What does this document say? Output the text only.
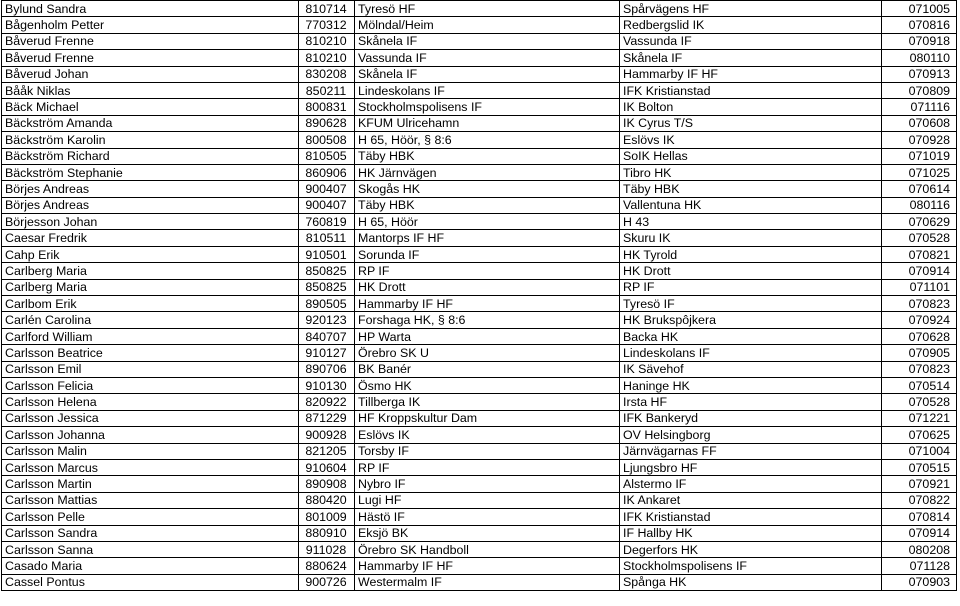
Bylund Sandra	810714	Tyresö HF	Spårvägens HF	071005
Bågenholm Petter	770312	Mölndal/Heim	Redbergslid IK	070816
Båverud Frenne	810210	Skånela IF	Vassunda IF	070918
Båverud Frenne	810210	Vassunda IF	Skånela IF	080110
Båverud Johan	830208	Skånela IF	Hammarby IF HF	070913
Bååk Niklas	850211	Lindeskolans IF	IFK Kristianstad	070809
Bäck Michael	800831	Stockholmspolisens IF	IK Bolton	071116
Bäckström Amanda	890628	KFUM Ulricehamn	IK Cyrus T/S	070608
Bäckström Karolin	800508	H 65, Höör, § 8:6	Eslövs IK	070928
Bäckström Richard	810505	Täby HBK	SoIK Hellas	071019
Bäckström Stephanie	860906	HK Järnvägen	Tibro HK	071025
Börjes Andreas	900407	Skogås HK	Täby HBK	070614
Börjes Andreas	900407	Täby HBK	Vallentuna HK	080116
Börjesson Johan	760819	H 65, Höör	H 43	070629
Caesar Fredrik	810511	Mantorps IF HF	Skuru IK	070528
Cahp Erik	910501	Sorunda IF	HK Tyrold	070821
Carlberg Maria	850825	RP IF	HK Drott	070914
Carlberg Maria	850825	HK Drott	RP IF	071101
Carlbom Erik	890505	Hammarby IF HF	Tyresö IF	070823
Carlén Carolina	920123	Forshaga HK, § 8:6	HK Brukspôjkera	070924
Carlford William	840707	HP Warta	Backa HK	070628
Carlsson Beatrice	910127	Örebro SK U	Lindeskolans IF	070905
Carlsson Emil	890706	BK Banér	IK Sävehof	070823
Carlsson Felicia	910130	Ösmo HK	Haninge HK	070514
Carlsson Helena	820922	Tillberga IK	Irsta HF	070528
Carlsson Jessica	871229	HF Kroppskultur Dam	IFK Bankeryd	071221
Carlsson Johanna	900928	Eslövs IK	OV Helsingborg	070625
Carlsson Malin	821205	Torsby IF	Järnvägarnas FF	071004
Carlsson Marcus	910604	RP IF	Ljungsbro HF	070515
Carlsson Martin	890908	Nybro IF	Alstermo IF	070921
Carlsson Mattias	880420	Lugi HF	IK Ankaret	070822
Carlsson Pelle	801009	Hästö IF	IFK Kristianstad	070814
Carlsson Sandra	880910	Eksjö BK	IF Hallby HK	070914
Carlsson Sanna	911028	Örebro SK Handboll	Degerfors HK	080208
Casado Maria	880624	Hammarby IF HF	Stockholmspolisens IF	071128
Cassel Pontus	900726	Westermalm IF	Spånga HK	070903
